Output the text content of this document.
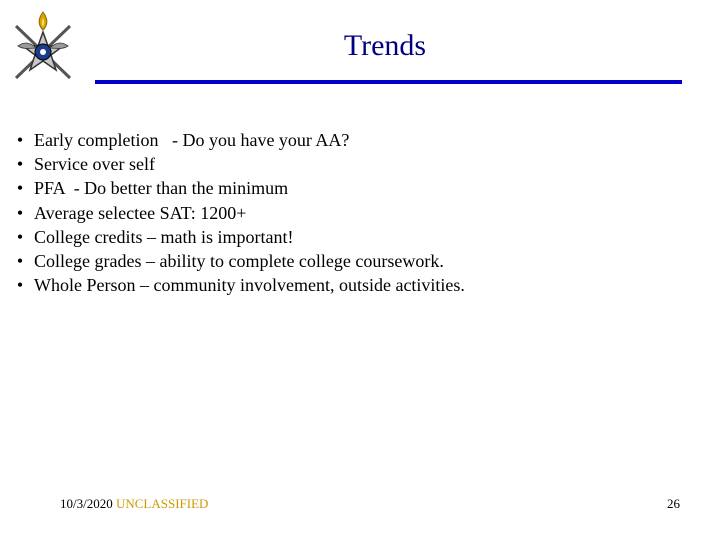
Trends
• Early completion   - Do you have your AA?
• Service over self
• PFA  - Do better than the minimum
• Average selectee SAT: 1200+
• College credits – math is important!
• College grades – ability to complete college coursework.
• Whole Person – community involvement, outside activities.
10/3/2020 UNCLASSIFIED	26
